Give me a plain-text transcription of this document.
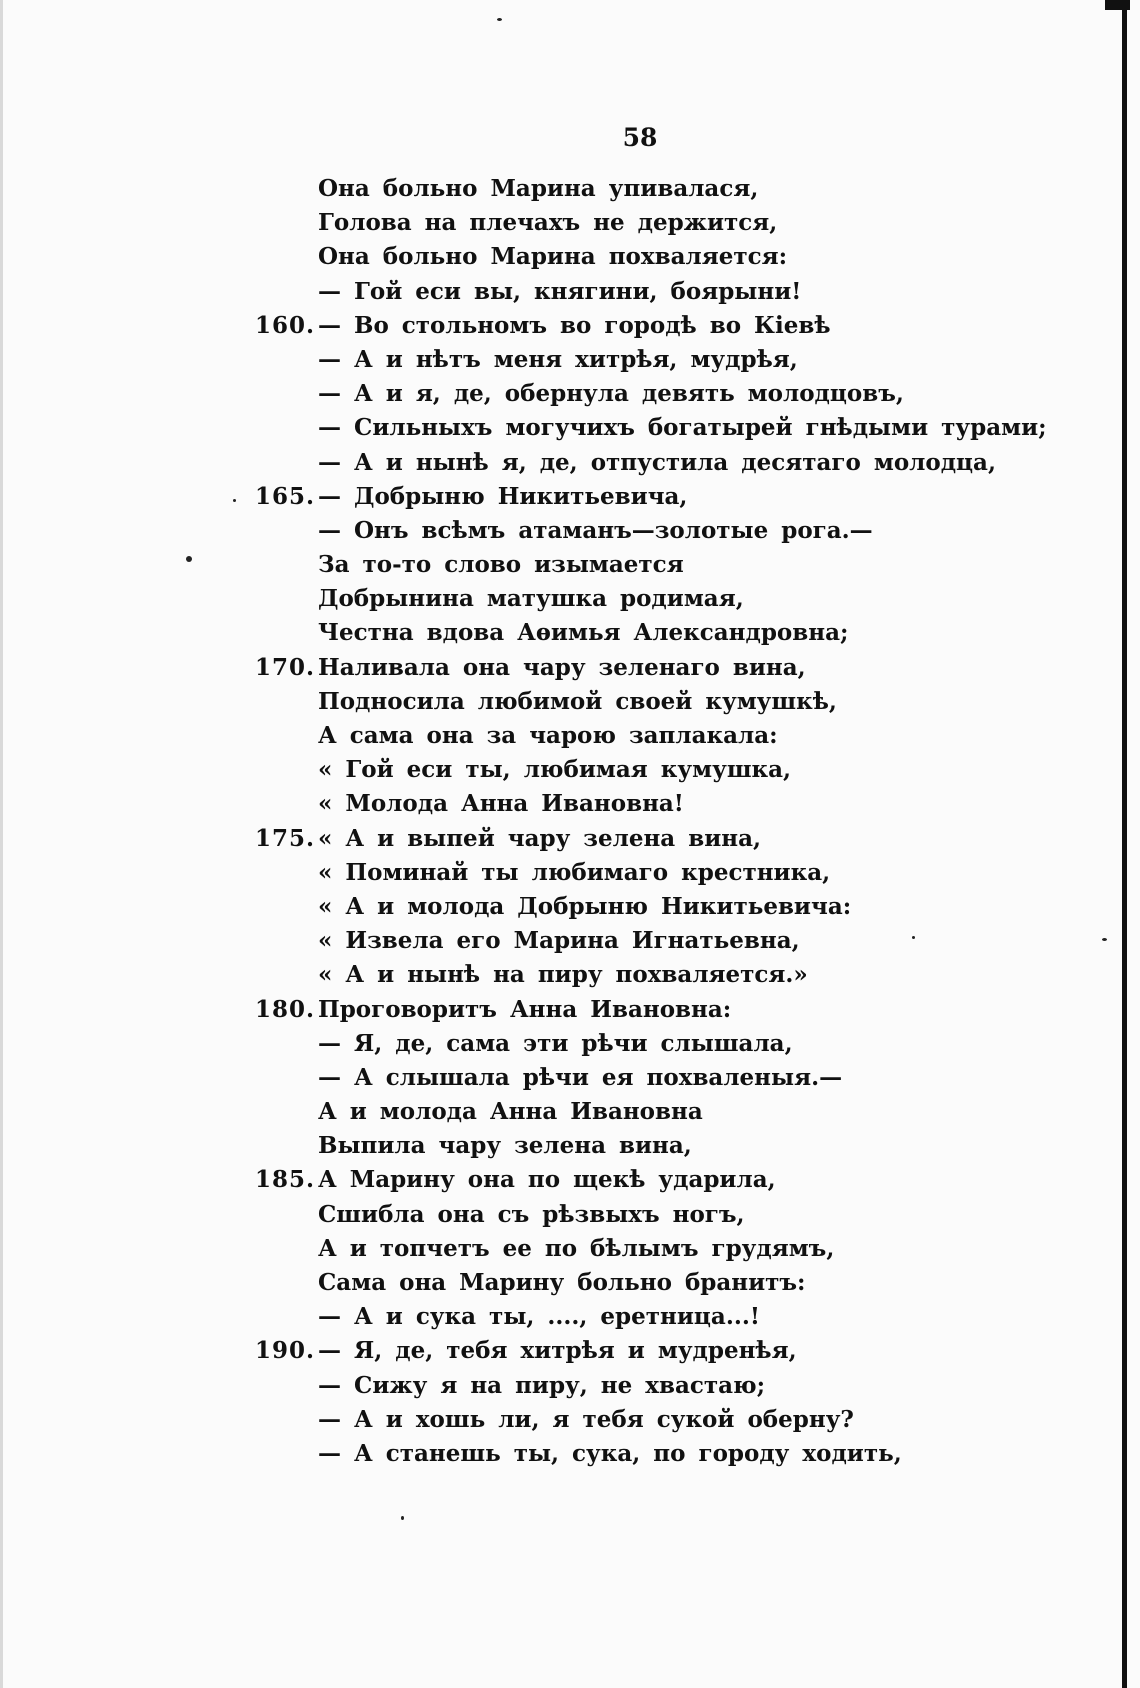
58
Она больно Марина упивалася,
Голова на плечахъ не держится,
Она больно Марина похваляется:
— Гой еси вы, княгини, боярыни!
160. — Во стольномъ во городѣ во Кіевѣ
— А и нѣтъ меня хитрѣя, мудрѣя,
— А и я, де, обернула девять молодцовъ,
— Сильныхъ могучихъ богатырей гнѣдыми турами;
— А и нынѣ я, де, отпустила десятаго молодца,
165. — Добрыню Никитьевича,
— Онъ всѣмъ атаманъ—золотые рога.—
За то-то слово изымается
Добрынина матушка родимая,
Честна вдова Аѳимья Александровна;
170. Наливала она чару зеленаго вина,
Подносила любимой своей кумушкѣ,
А сама она за чарою заплакала:
« Гой еси ты, любимая кумушка,
« Молода Анна Ивановна!
175. « А и выпей чару зелена вина,
« Поминай ты любимаго крестника,
« А и молода Добрыню Никитьевича:
« Извела его Марина Игнатьевна,
« А и нынѣ на пиру похваляется.»
180. Проговоритъ Анна Ивановна:
— Я, де, сама эти рѣчи слышала,
— А слышала рѣчи ея похваленыя.—
А и молода Анна Ивановна
Выпила чару зелена вина,
185. А Марину она по щекѣ ударила,
Сшибла она съ рѣзвыхъ ногъ,
А и топчетъ ее по бѣлымъ грудямъ,
Сама она Марину больно бранитъ:
— А и сука ты, ...., еретница...!
190. — Я, де, тебя хитрѣя и мудренѣя,
— Сижу я на пиру, не хвастаю;
— А и хошь ли, я тебя сукой оберну?
— А станешь ты, сука, по городу ходить,
